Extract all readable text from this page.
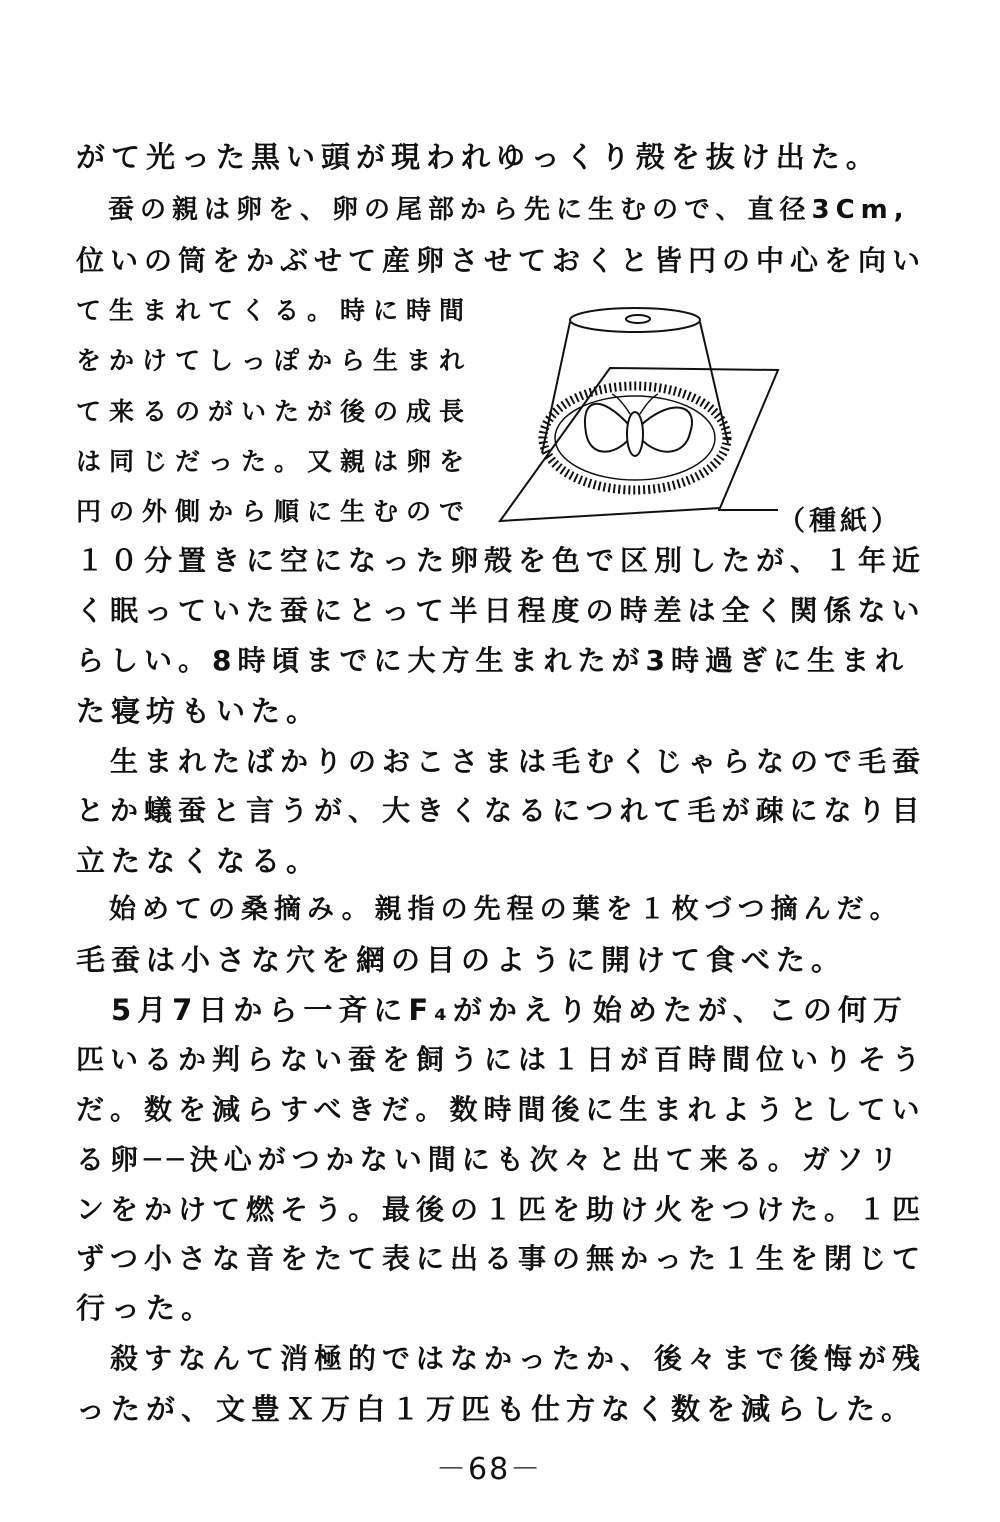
がて光った黒い頭が現われゆっくり殻を抜け出た。
　蚕の親は卵を、卵の尾部から先に生むので、直径3Cm,
位いの筒をかぶせて産卵させておくと皆円の中心を向い
て生まれてくる。時に時間
をかけてしっぽから生まれ
て来るのがいたが後の成長
は同じだった。又親は卵を
円の外側から順に生むので
１０分置きに空になった卵殻を色で区別したが、１年近
く眠っていた蚕にとって半日程度の時差は全く関係ない
らしい。8時頃までに大方生まれたが3時過ぎに生まれ
た寝坊もいた。
　生まれたばかりのおこさまは毛むくじゃらなので毛蚕
とか蟻蚕と言うが、大きくなるにつれて毛が疎になり目
立たなくなる。
　始めての桑摘み。親指の先程の葉を１枚づつ摘んだ。
毛蚕は小さな穴を網の目のように開けて食べた。
　5月7日から一斉にF₄がかえり始めたが、この何万
匹いるか判らない蚕を飼うには１日が百時間位いりそう
だ。数を減らすべきだ。数時間後に生まれようとしてい
る卵──決心がつかない間にも次々と出て来る。ガソリ
ンをかけて燃そう。最後の１匹を助け火をつけた。１匹
ずつ小さな音をたて表に出る事の無かった１生を閉じて
行った。
　殺すなんて消極的ではなかったか、後々まで後悔が残
ったが、文豊Ｘ万白１万匹も仕方なく数を減らした。
（種紙）
－68－
